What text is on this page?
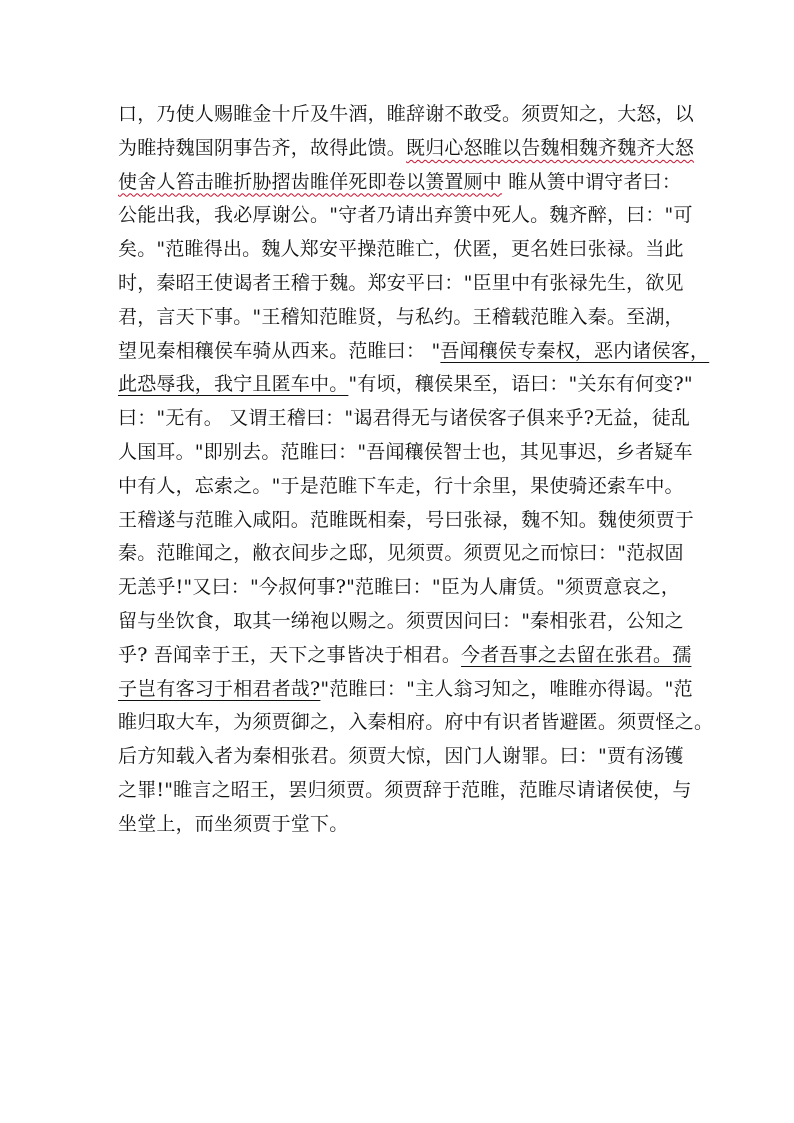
口，乃使人赐睢金十斤及牛酒，睢辞谢不敢受。须贾知之，大怒，以
为睢持魏国阴事告齐，故得此馈。既归心怒睢以告魏相魏齐魏齐大怒
使舍人笞击睢折胁摺齿睢佯死即卷以箦置厕中 睢从箦中谓守者曰：
公能出我，我必厚谢公。"守者乃请出弃箦中死人。魏齐醉，曰："可
矣。"范睢得出。魏人郑安平操范睢亡，伏匿，更名姓曰张禄。当此
时，秦昭王使谒者王稽于魏。郑安平曰："臣里中有张禄先生，欲见
君，言天下事。"王稽知范睢贤，与私约。王稽载范睢入秦。至湖，
望见秦相穰侯车骑从西来。范睢曰： "吾闻穰侯专秦权，恶内诸侯客，
此恐辱我，我宁且匿车中。"有顷，穰侯果至，语曰："关东有何变?"
曰："无有。 又谓王稽曰："谒君得无与诸侯客子俱来乎?无益，徒乱
人国耳。"即别去。范睢曰："吾闻穰侯智士也，其见事迟，乡者疑车
中有人，忘索之。"于是范睢下车走，行十余里，果使骑还索车中。
王稽遂与范睢入咸阳。范睢既相秦，号曰张禄，魏不知。魏使须贾于
秦。范睢闻之，敝衣间步之邸，见须贾。须贾见之而惊曰："范叔固
无恙乎!"又曰："今叔何事?"范睢曰："臣为人庸赁。"须贾意哀之，
留与坐饮食，取其一绨袍以赐之。须贾因问曰："秦相张君，公知之
乎? 吾闻幸于王，天下之事皆决于相君。今者吾事之去留在张君。孺
子岂有客习于相君者哉?"范睢曰："主人翁习知之，唯睢亦得谒。"范
睢归取大车，为须贾御之，入秦相府。府中有识者皆避匿。须贾怪之。
后方知载入者为秦相张君。须贾大惊，因门人谢罪。曰："贾有汤镬
之罪!"睢言之昭王，罢归须贾。须贾辞于范睢，范睢尽请诸侯使，与
坐堂上，而坐须贾于堂下。
